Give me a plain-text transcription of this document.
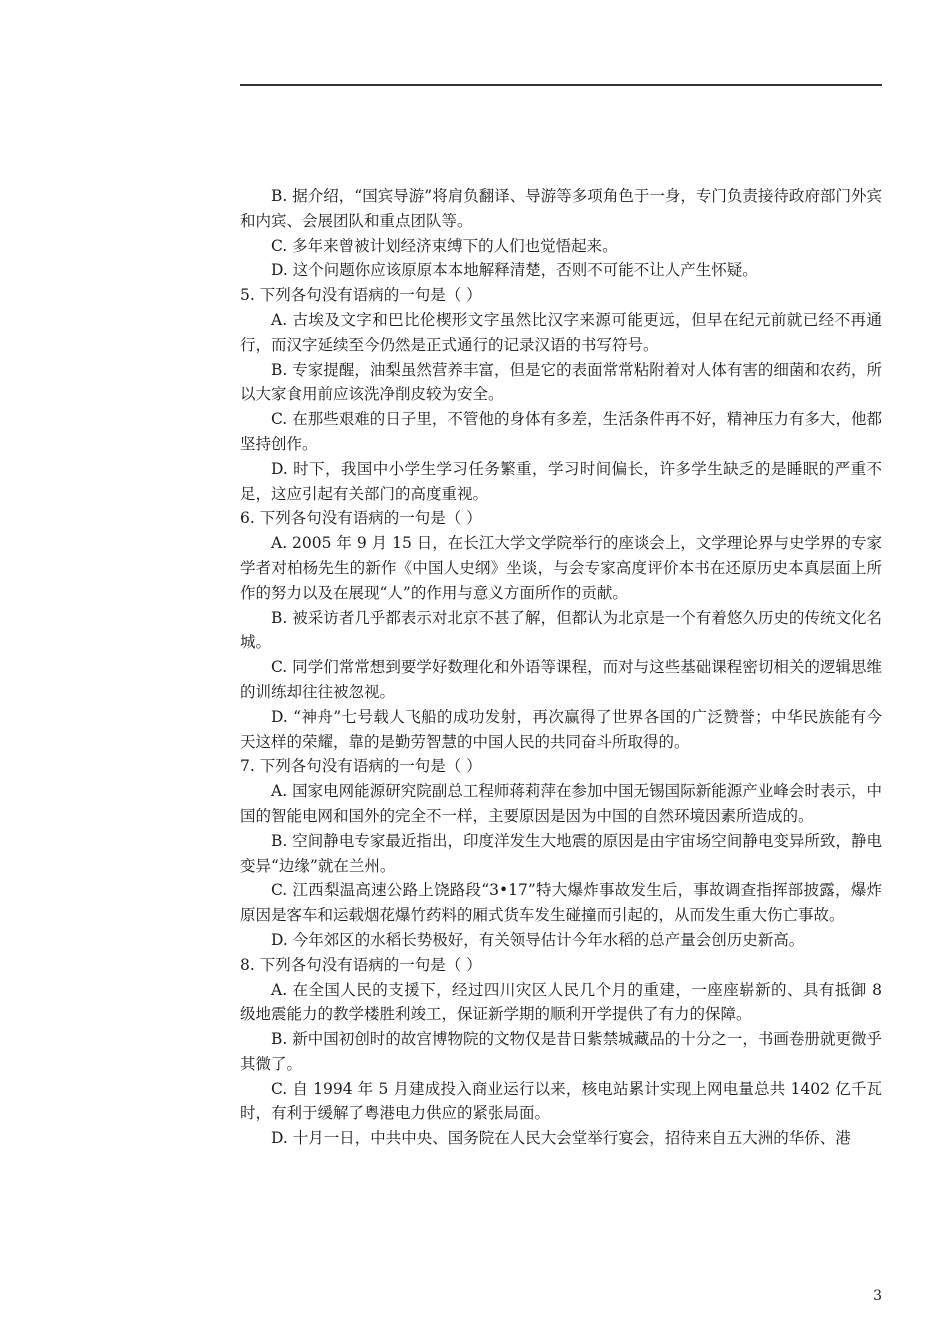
B. 据介绍，“国宾导游”将肩负翻译、导游等多项角色于一身，专门负责接待政府部门外宾和内宾、会展团队和重点团队等。

C. 多年来曾被计划经济束缚下的人们也觉悟起来。

D. 这个问题你应该原原本本地解释清楚，否则不可能不让人产生怀疑。

5. 下列各句没有语病的一句是（ ）

A. 古埃及文字和巴比伦楔形文字虽然比汉字来源可能更远，但早在纪元前就已经不再通行，而汉字延续至今仍然是正式通行的记录汉语的书写符号。

B. 专家提醒，油梨虽然营养丰富，但是它的表面常常粘附着对人体有害的细菌和农药，所以大家食用前应该洗净削皮较为安全。

C. 在那些艰难的日子里，不管他的身体有多差，生活条件再不好，精神压力有多大，他都坚持创作。

D. 时下，我国中小学生学习任务繁重，学习时间偏长，许多学生缺乏的是睡眠的严重不足，这应引起有关部门的高度重视。

6. 下列各句没有语病的一句是（ ）

A. 2005 年 9 月 15 日，在长江大学文学院举行的座谈会上，文学理论界与史学界的专家学者对柏杨先生的新作《中国人史纲》坐谈，与会专家高度评价本书在还原历史本真层面上所作的努力以及在展现“人”的作用与意义方面所作的贡献。

B. 被采访者几乎都表示对北京不甚了解，但都认为北京是一个有着悠久历史的传统文化名城。

C. 同学们常常想到要学好数理化和外语等课程，而对与这些基础课程密切相关的逻辑思维的训练却往往被忽视。

D. “神舟”七号载人飞船的成功发射，再次赢得了世界各国的广泛赞誉；中华民族能有今天这样的荣耀，靠的是勤劳智慧的中国人民的共同奋斗所取得的。

7. 下列各句没有语病的一句是（ ）

A. 国家电网能源研究院副总工程师蒋莉萍在参加中国无锡国际新能源产业峰会时表示，中国的智能电网和国外的完全不一样，主要原因是因为中国的自然环境因素所造成的。

B. 空间静电专家最近指出，印度洋发生大地震的原因是由宇宙场空间静电变异所致，静电变异“边缘”就在兰州。

C. 江西梨温高速公路上饶路段“3•17”特大爆炸事故发生后，事故调查指挥部披露，爆炸原因是客车和运载烟花爆竹药料的厢式货车发生碰撞而引起的，从而发生重大伤亡事故。

D. 今年郊区的水稻长势极好，有关领导估计今年水稻的总产量会创历史新高。

8. 下列各句没有语病的一句是（ ）

A. 在全国人民的支援下，经过四川灾区人民几个月的重建，一座座崭新的、具有抵御 8 级地震能力的教学楼胜利竣工，保证新学期的顺利开学提供了有力的保障。

B. 新中国初创时的故宫博物院的文物仅是昔日紫禁城藏品的十分之一，书画卷册就更微乎其微了。

C. 自 1994 年 5 月建成投入商业运行以来，核电站累计实现上网电量总共 1402 亿千瓦时，有利于缓解了粤港电力供应的紧张局面。

D. 十月一日，中共中央、国务院在人民大会堂举行宴会，招待来自五大洲的华侨、港

3
